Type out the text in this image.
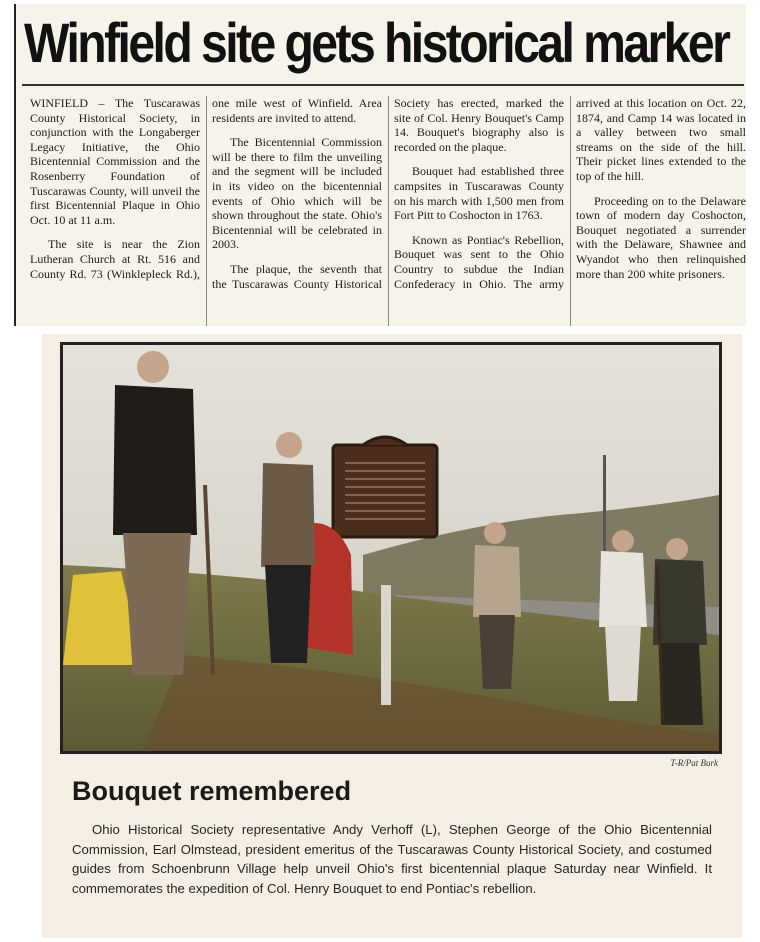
Winfield site gets historical marker

WINFIELD – The Tuscarawas County Historical Society, in conjunction with the Longaberger Legacy Initiative, the Ohio Bicentennial Commission and the Rosenberry Foundation of Tuscarawas County, will unveil the first Bicentennial Plaque in Ohio Oct. 10 at 11 a.m.

The site is near the Zion Lutheran Church at Rt. 516 and County Rd. 73 (Winklepleck Rd.), one mile west of Winfield. Area residents are invited to attend.

The Bicentennial Commission will be there to film the unveiling and the segment will be included in its video on the bicentennial events of Ohio which will be shown throughout the state. Ohio's Bicentennial will be celebrated in 2003.

The plaque, the seventh that the Tuscarawas County Historical Society has erected, marked the site of Col. Henry Bouquet's Camp 14. Bouquet's biography also is recorded on the plaque.

Bouquet had established three campsites in Tuscarawas County on his march with 1,500 men from Fort Pitt to Coshocton in 1763.

Known as Pontiac's Rebellion, Bouquet was sent to the Ohio Country to subdue the Indian Confederacy in Ohio. The army arrived at this location on Oct. 22, 1874, and Camp 14 was located in a valley between two small streams on the side of the hill. Their picket lines extended to the top of the hill.

Proceeding on to the Delaware town of modern day Coshocton, Bouquet negotiated a surrender with the Delaware, Shawnee and Wyandot who then relinquished more than 200 white prisoners.

T-R/Pat Burk

Bouquet remembered

Ohio Historical Society representative Andy Verhoff (L), Stephen George of the Ohio Bicentennial Commission, Earl Olmstead, president emeritus of the Tuscarawas County Historical Society, and costumed guides from Schoenbrunn Village help unveil Ohio's first bicentennial plaque Saturday near Winfield. It commemorates the expedition of Col. Henry Bouquet to end Pontiac's rebellion.
